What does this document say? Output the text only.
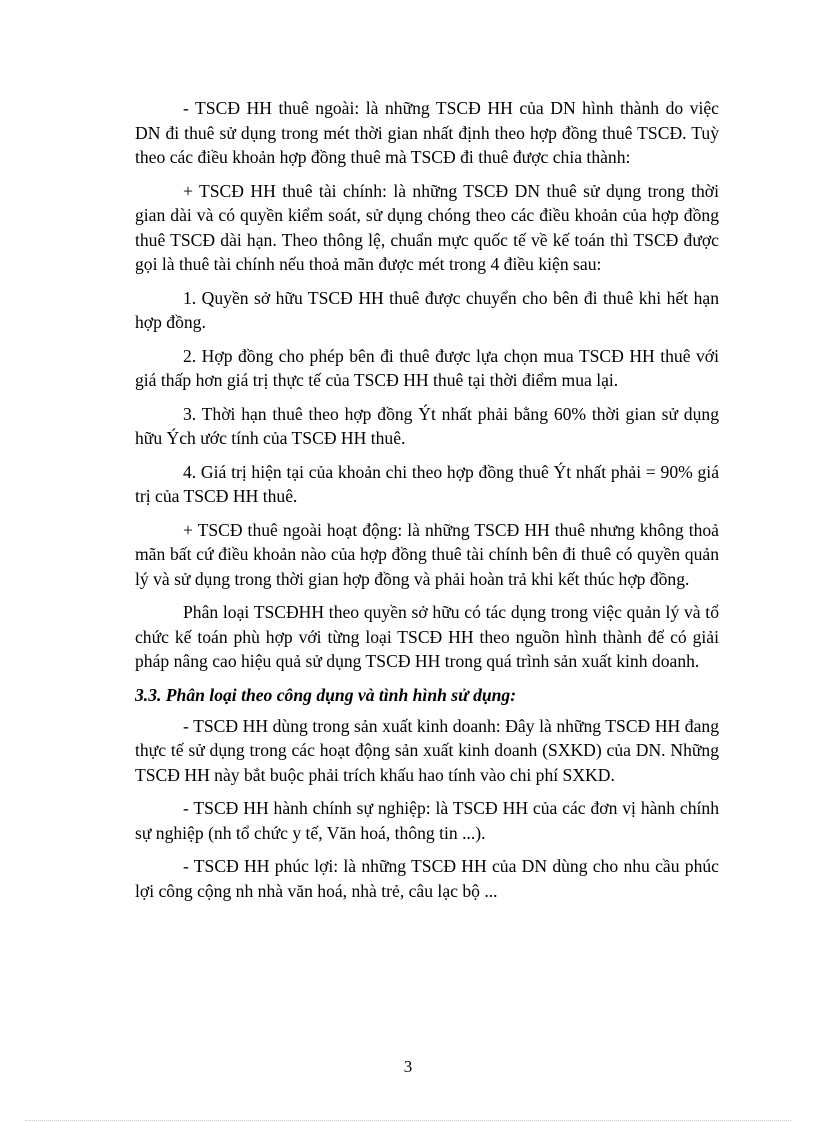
- TSCĐ HH thuê ngoài: là những TSCĐ HH của DN hình thành do việc DN đi thuê sử dụng trong mét thời gian nhất định theo hợp đồng thuê TSCĐ. Tuỳ theo các điều khoản hợp đồng thuê mà TSCĐ đi thuê được chia thành:

+ TSCĐ HH thuê tài chính: là những TSCĐ DN thuê sử dụng trong thời gian dài và có quyền kiểm soát, sử dụng chóng theo các điều khoản của hợp đồng thuê TSCĐ dài hạn. Theo thông lệ, chuẩn mực quốc tế về kế toán thì TSCĐ được gọi là thuê tài chính nếu thoả mãn được mét trong 4 điều kiện sau:

1. Quyền sở hữu TSCĐ HH thuê được chuyển cho bên đi thuê khi hết hạn hợp đồng.

2. Hợp đồng cho phép bên đi thuê được lựa chọn mua TSCĐ HH thuê với giá thấp hơn giá trị thực tế của TSCĐ HH thuê tại thời điểm mua lại.

3. Thời hạn thuê theo hợp đồng Ýt nhất phải bằng 60% thời gian sử dụng hữu Ých ước tính của TSCĐ HH thuê.

4. Giá trị hiện tại của khoản chi theo hợp đồng thuê Ýt nhất phải = 90% giá trị của TSCĐ HH thuê.

+ TSCĐ thuê ngoài hoạt động: là những TSCĐ HH thuê nhưng không thoả mãn bất cứ điều khoản nào của hợp đồng thuê tài chính bên đi thuê có quyền quản lý và sử dụng trong thời gian hợp đồng và phải hoàn trả khi kết thúc hợp đồng.

Phân loại TSCĐHH theo quyền sở hữu có tác dụng trong việc quản lý và tổ chức kế toán phù hợp với từng loại TSCĐ HH theo nguồn hình thành để có giải pháp nâng cao hiệu quả sử dụng TSCĐ HH trong quá trình sản xuất kinh doanh.

3.3. Phân loại theo công dụng và tình hình sử dụng:

- TSCĐ HH dùng trong sản xuất kinh doanh: Đây là những TSCĐ HH đang thực tế sử dụng trong các hoạt động sản xuất kinh doanh (SXKD) của DN. Những TSCĐ HH này bắt buộc phải trích khấu hao tính vào chi phí SXKD.

- TSCĐ HH hành chính sự nghiệp: là TSCĐ HH của các đơn vị hành chính sự nghiệp (nh tổ chức y tế, Văn hoá, thông tin ...).

- TSCĐ HH phúc lợi: là những TSCĐ HH của DN dùng cho nhu cầu phúc lợi công cộng nh nhà văn hoá, nhà trẻ, câu lạc bộ ...

3
